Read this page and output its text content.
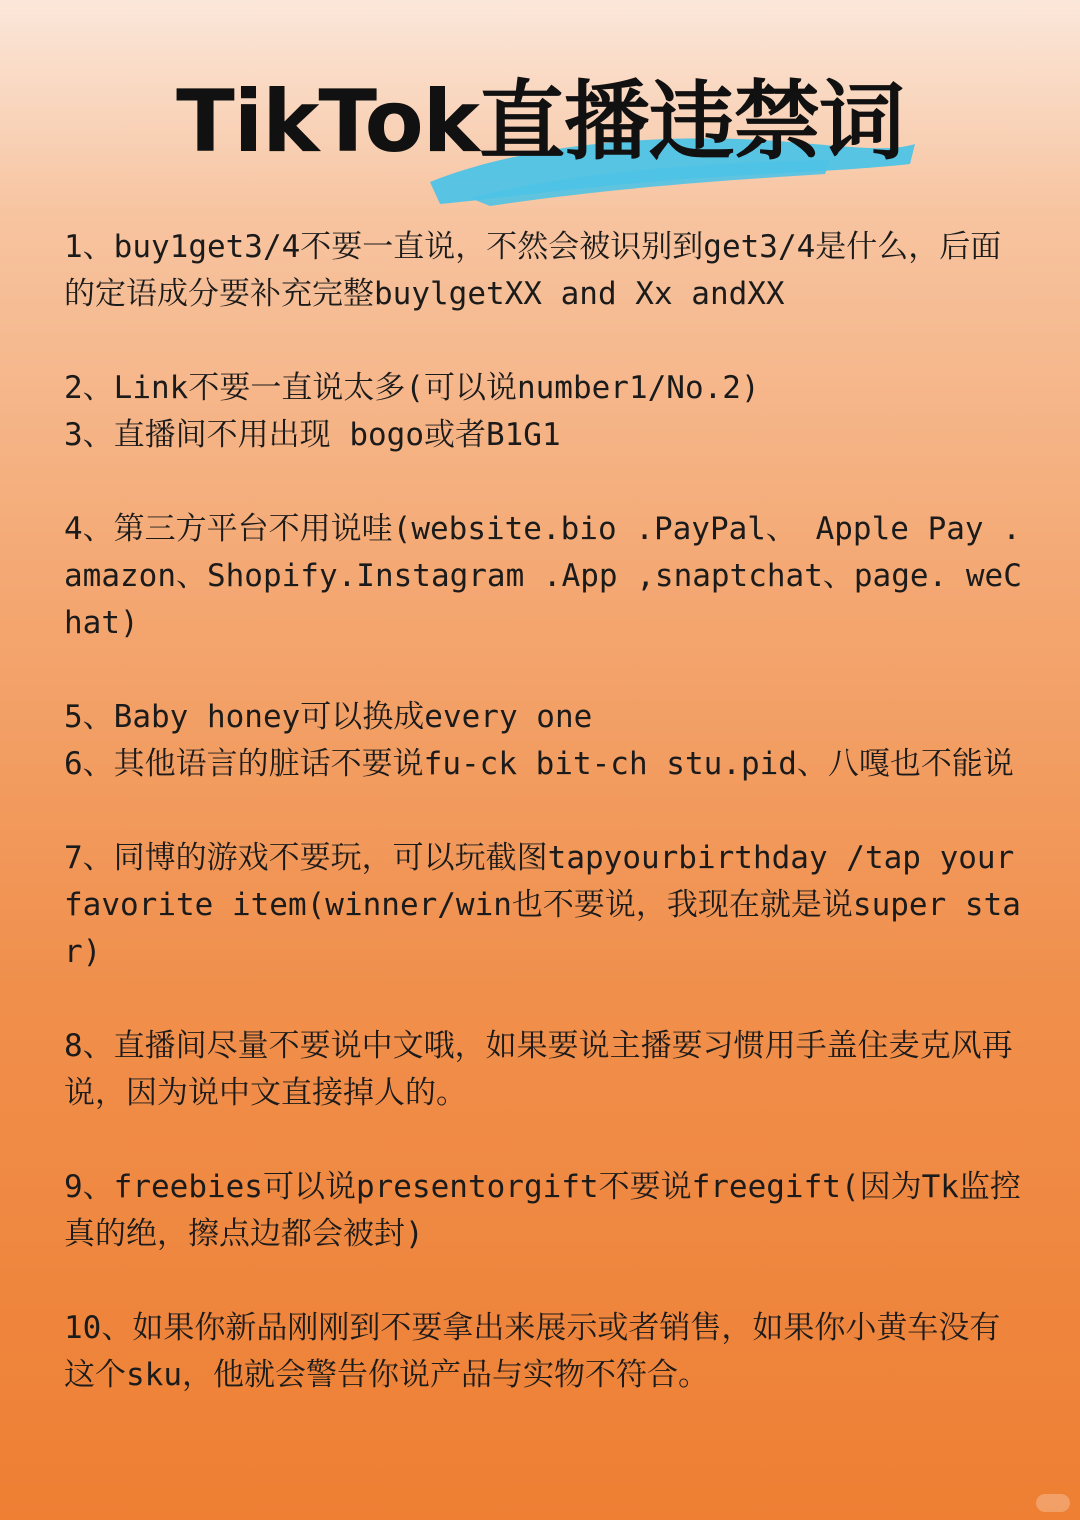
TikTok直播违禁词

1、buy1get3/4不要一直说，不然会被识别到get3/4是什么，后面的定语成分要补充完整buylgetXX and Xx andXX

2、Link不要一直说太多(可以说number1/No.2)

3、直播间不用出现 bogo或者B1G1

4、第三方平台不用说哇(website.bio .PayPal、 Apple Pay .amazon、Shopify.Instagram .App ,snaptchat、page. weChat)

5、Baby honey可以换成every one

6、其他语言的脏话不要说fu-ck bit-ch stu.pid、八嘎也不能说

7、同博的游戏不要玩，可以玩截图tapyourbirthday /tap your favorite item(winner/win也不要说，我现在就是说super star)

8、直播间尽量不要说中文哦，如果要说主播要习惯用手盖住麦克风再说，因为说中文直接掉人的。

9、freebies可以说presentorgift不要说freegift(因为Tk监控真的绝，擦点边都会被封)

10、如果你新品刚刚到不要拿出来展示或者销售，如果你小黄车没有这个sku，他就会警告你说产品与实物不符合。
